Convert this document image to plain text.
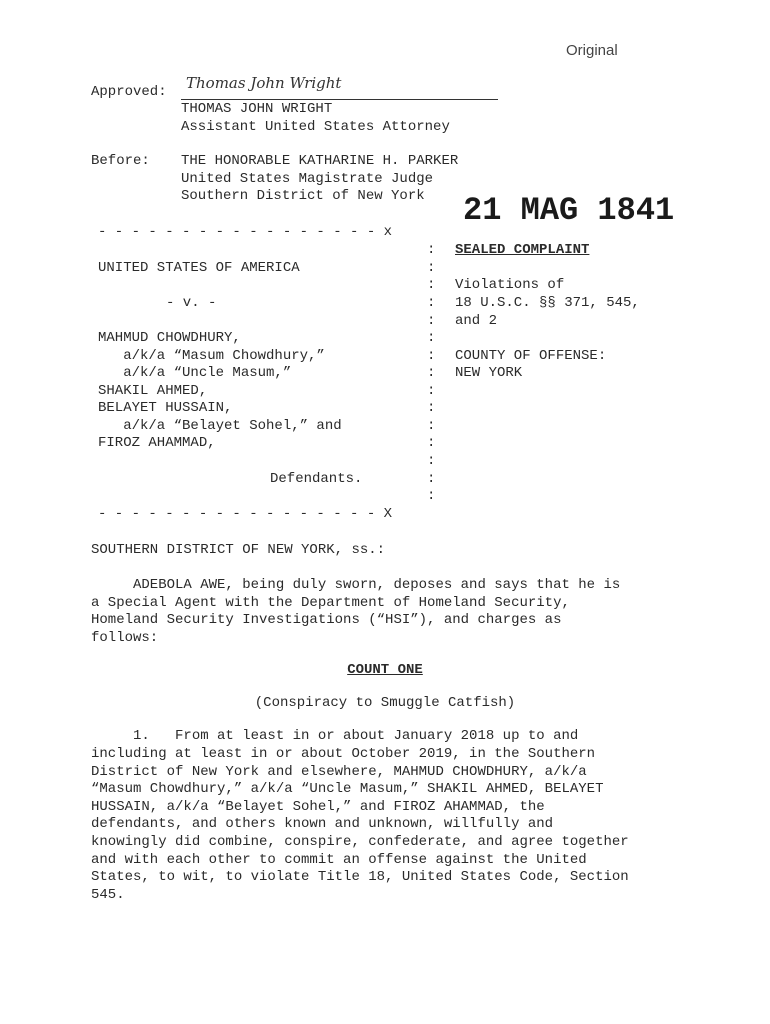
Original
Approved: Thomas John Wright
THOMAS JOHN WRIGHT
Assistant United States Attorney
Before: THE HONORABLE KATHARINE H. PARKER
United States Magistrate Judge
Southern District of New York 21 MAG 1841
- - - - - - - - - - - - - - - - - x
- - - - - - - - - - - - - - - - - X
:
:
:
:
:
:
:
:
:
:
:
:
:
:
:
UNITED STATES OF AMERICA
- v. -
MAHMUD CHOWDHURY,
a/k/a “Masum Chowdhury,”
a/k/a “Uncle Masum,”
SHAKIL AHMED,
BELAYET HUSSAIN,
a/k/a “Belayet Sohel,” and
FIROZ AHAMMAD,
Defendants.
SEALED COMPLAINT
Violations of
18 U.S.C. §§ 371, 545,
and 2
COUNTY OF OFFENSE:
NEW YORK
SOUTHERN DISTRICT OF NEW YORK, ss.:
ADEBOLA AWE, being duly sworn, deposes and says that he is
a Special Agent with the Department of Homeland Security,
Homeland Security Investigations (“HSI”), and charges as
follows:
COUNT ONE
(Conspiracy to Smuggle Catfish)
1.   From at least in or about January 2018 up to and
including at least in or about October 2019, in the Southern
District of New York and elsewhere, MAHMUD CHOWDHURY, a/k/a
“Masum Chowdhury,” a/k/a “Uncle Masum,” SHAKIL AHMED, BELAYET
HUSSAIN, a/k/a “Belayet Sohel,” and FIROZ AHAMMAD, the
defendants, and others known and unknown, willfully and
knowingly did combine, conspire, confederate, and agree together
and with each other to commit an offense against the United
States, to wit, to violate Title 18, United States Code, Section
545.
